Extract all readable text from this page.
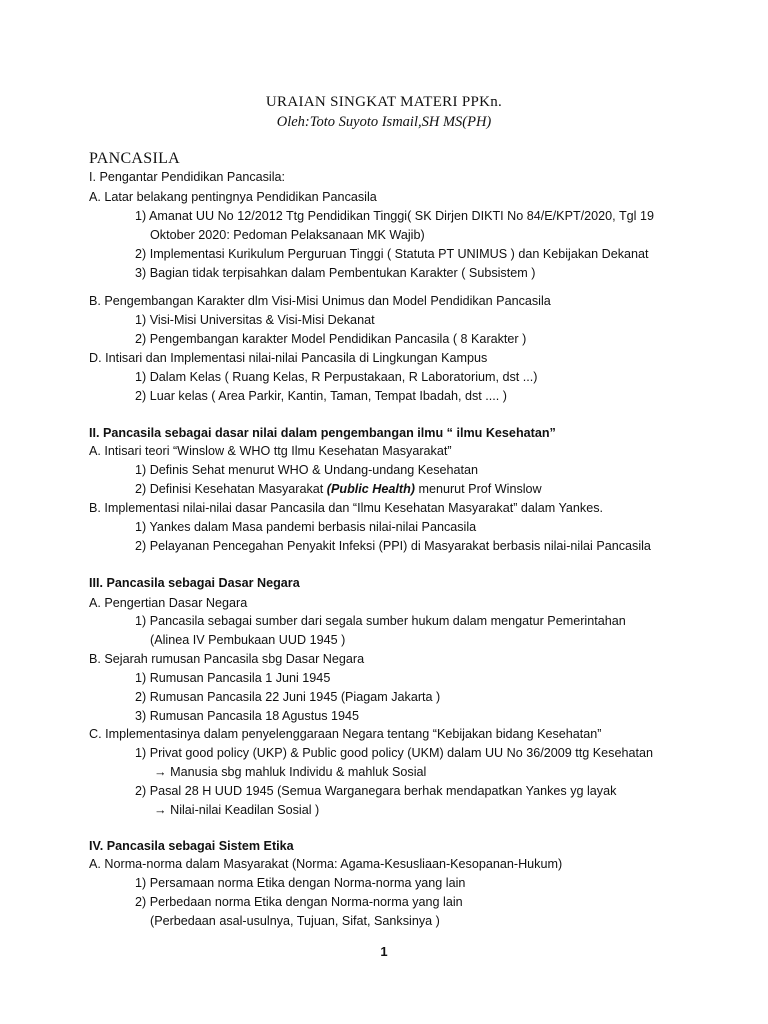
URAIAN SINGKAT MATERI PPKn.
Oleh:Toto Suyoto Ismail,SH MS(PH)
PANCASILA
I. Pengantar Pendidikan Pancasila:
A. Latar belakang pentingnya Pendidikan Pancasila
1) Amanat UU No 12/2012 Ttg Pendidikan Tinggi( SK Dirjen DIKTI No 84/E/KPT/2020, Tgl 19
Oktober 2020: Pedoman Pelaksanaan MK Wajib)
2) Implementasi Kurikulum Perguruan Tinggi ( Statuta PT UNIMUS ) dan Kebijakan Dekanat
3) Bagian tidak terpisahkan dalam Pembentukan Karakter ( Subsistem )
B. Pengembangan Karakter dlm Visi-Misi Unimus dan Model Pendidikan Pancasila
1) Visi-Misi Universitas & Visi-Misi Dekanat
2) Pengembangan karakter Model Pendidikan Pancasila ( 8 Karakter )
D. Intisari dan Implementasi nilai-nilai Pancasila di Lingkungan Kampus
1) Dalam Kelas ( Ruang Kelas, R Perpustakaan, R Laboratorium, dst ...)
2) Luar kelas ( Area Parkir, Kantin, Taman, Tempat Ibadah, dst .... )
II. Pancasila sebagai dasar nilai dalam pengembangan ilmu “ ilmu Kesehatan”
A. Intisari teori “Winslow & WHO ttg Ilmu Kesehatan Masyarakat”
1) Definis Sehat menurut WHO & Undang-undang Kesehatan
2) Definisi Kesehatan Masyarakat (Public Health) menurut Prof Winslow
B. Implementasi nilai-nilai dasar Pancasila dan “Ilmu Kesehatan Masyarakat” dalam Yankes.
1) Yankes dalam Masa pandemi berbasis nilai-nilai Pancasila
2) Pelayanan Pencegahan Penyakit Infeksi (PPI) di Masyarakat berbasis nilai-nilai Pancasila
III. Pancasila sebagai Dasar Negara
A. Pengertian Dasar Negara
1) Pancasila sebagai sumber dari segala sumber hukum dalam mengatur Pemerintahan
(Alinea IV Pembukaan UUD 1945 )
B. Sejarah rumusan Pancasila sbg Dasar Negara
1) Rumusan Pancasila 1 Juni 1945
2) Rumusan Pancasila 22 Juni 1945 (Piagam Jakarta )
3) Rumusan Pancasila 18 Agustus 1945
C. Implementasinya dalam penyelenggaraan Negara tentang “Kebijakan bidang Kesehatan”
1) Privat good policy (UKP) & Public good policy (UKM) dalam UU No 36/2009 ttg Kesehatan
→ Manusia sbg mahluk Individu & mahluk Sosial
2) Pasal 28 H UUD 1945 (Semua Warganegara berhak mendapatkan Yankes yg layak
→ Nilai-nilai Keadilan Sosial )
IV. Pancasila sebagai Sistem Etika
A. Norma-norma dalam Masyarakat (Norma: Agama-Kesusliaan-Kesopanan-Hukum)
1) Persamaan norma Etika dengan Norma-norma yang lain
2) Perbedaan norma Etika dengan Norma-norma yang lain
(Perbedaan asal-usulnya, Tujuan, Sifat, Sanksinya )
1
